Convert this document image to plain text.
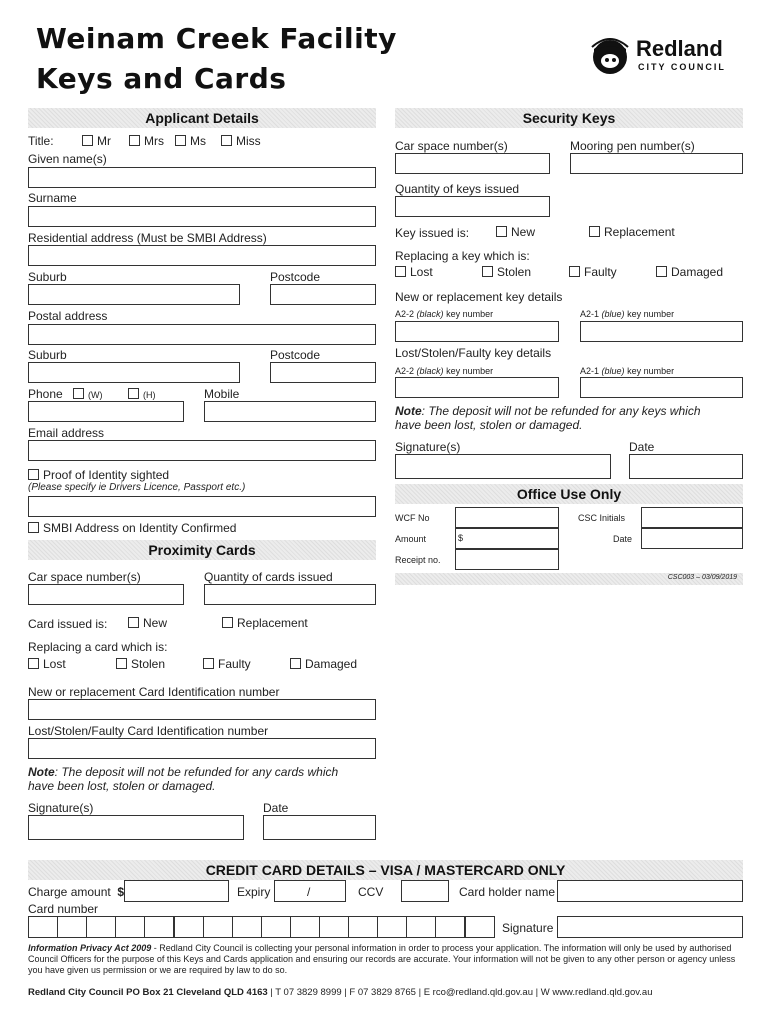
Weinam Creek Facility
Keys and Cards
Redland
CITY COUNCIL
Applicant Details
Title:	Mr	Mrs	Ms	Miss
Given name(s)
Surname
Residential address (Must be SMBI Address)
Suburb	Postcode
Postal address
Suburb	Postcode
Phone	(W)	(H)	Mobile
Email address
Proof of Identity sighted
(Please specify ie Drivers Licence, Passport etc.)
SMBI Address on Identity Confirmed
Proximity Cards
Car space number(s)	Quantity of cards issued
Card issued is:	New	Replacement
Replacing a card which is:
Lost	Stolen	Faulty	Damaged
New or replacement Card Identification number
Lost/Stolen/Faulty Card Identification number
Note: The deposit will not be refunded for any cards which
have been lost, stolen or damaged.
Signature(s)	Date
Security Keys
Car space number(s)	Mooring pen number(s)
Quantity of keys issued
Key issued is:	New	Replacement
Replacing a key which is:
Lost	Stolen	Faulty	Damaged
New or replacement key details
A2-2 (black) key number	A2-1 (blue) key number
Lost/Stolen/Faulty key details
A2-2 (black) key number	A2-1 (blue) key number
Note: The deposit will not be refunded for any keys which
have been lost, stolen or damaged.
Signature(s)	Date
Office Use Only
WCF No	CSC Initials
Amount	$	Date
Receipt no.
CSC003 – 03/09/2019
CREDIT CARD DETAILS – VISA / MASTERCARD ONLY
Charge amount $	Expiry	/	CCV	Card holder name
Card number
Signature
Information Privacy Act 2009 - Redland City Council is collecting your personal information in order to process your application. The information will only be used by authorised Council Officers for the purpose of this Keys and Cards application and ensuring our records are accurate. Your information will not be given to any other person or agency unless you have given us permission or we are required by law to do so.
Redland City Council PO Box 21 Cleveland QLD 4163 | T 07 3829 8999 | F 07 3829 8765 | E rco@redland.qld.gov.au | W www.redland.qld.gov.au
